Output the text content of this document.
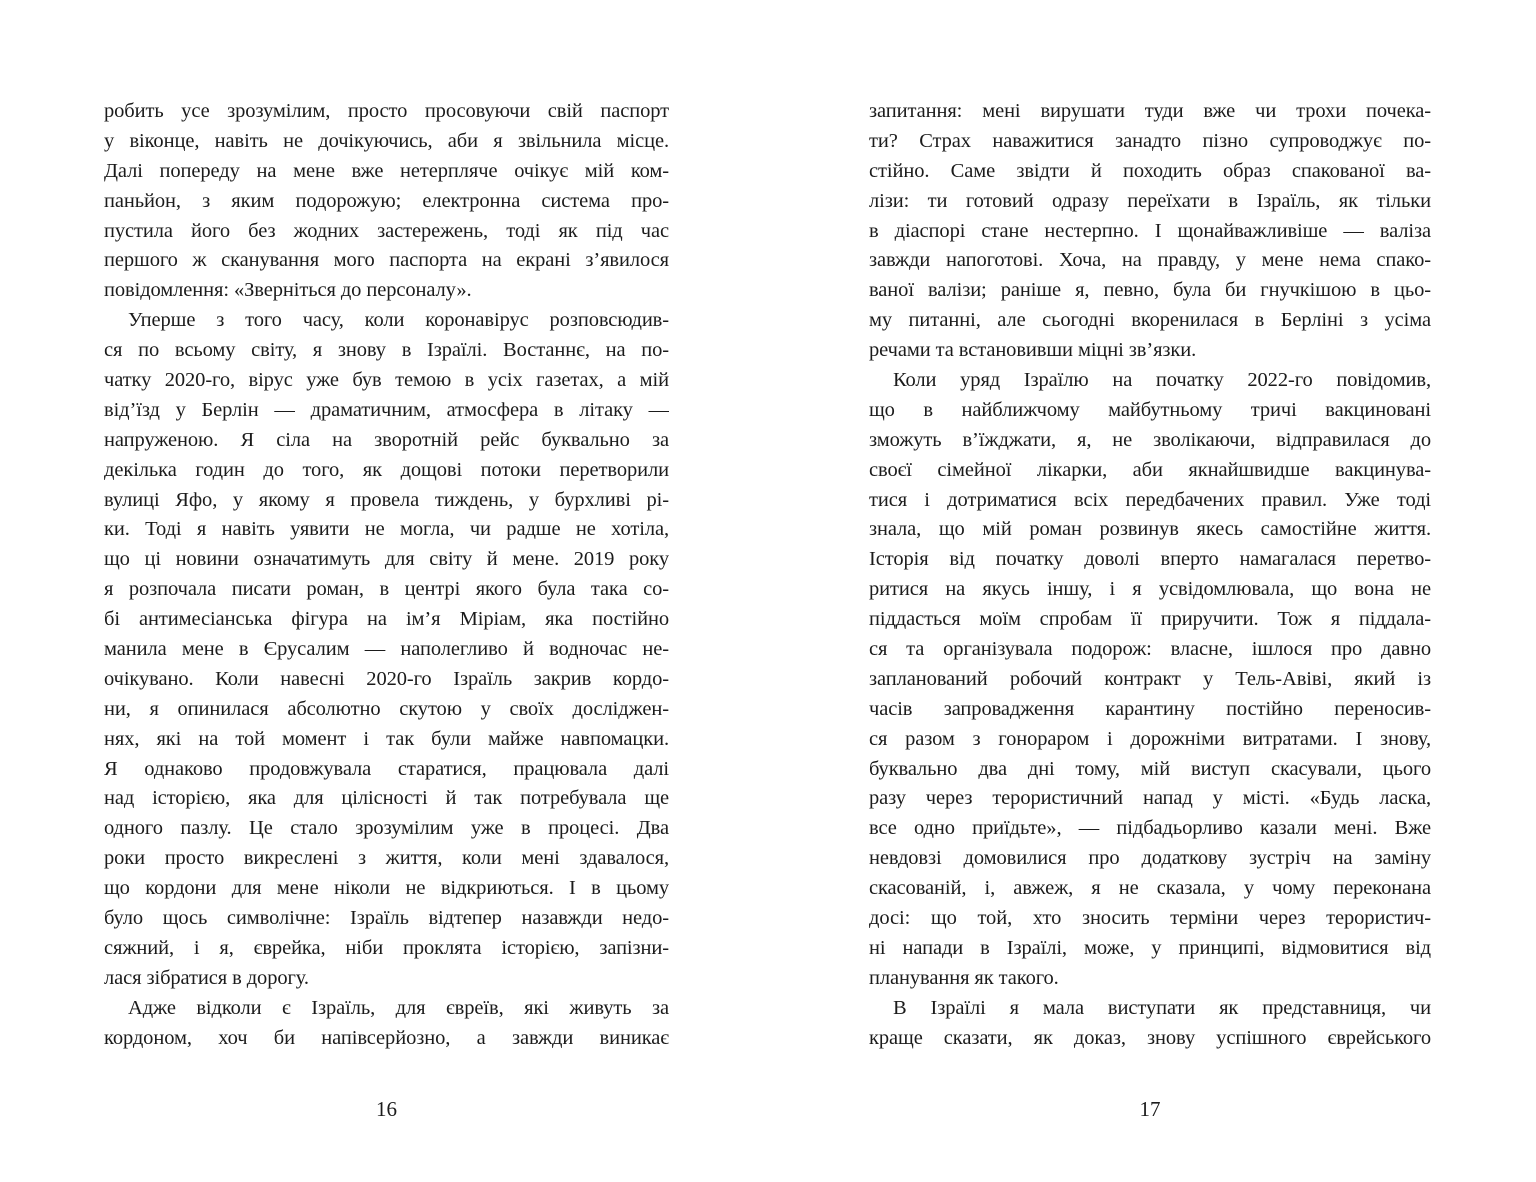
робить усе зрозумілим, просто просовуючи свій паспорт
у віконце, навіть не дочікуючись, аби я звільнила місце.
Далі попереду на мене вже нетерпляче очікує мій ком-
паньйон, з яким подорожую; електронна система про-
пустила його без жодних застережень, тоді як під час
першого ж сканування мого паспорта на екрані з’явилося
повідомлення: «Зверніться до персоналу».
Уперше з того часу, коли коронавірус розповсюдив-
ся по всьому світу, я знову в Ізраїлі. Востаннє, на по-
чатку 2020-го, вірус уже був темою в усіх газетах, а мій
від’їзд у Берлін — драматичним, атмосфера в літаку —
напруженою. Я сіла на зворотній рейс буквально за
декілька годин до того, як дощові потоки перетворили
вулиці Яфо, у якому я провела тиждень, у бурхливі рі-
ки. Тоді я навіть уявити не могла, чи радше не хотіла,
що ці новини означатимуть для світу й мене. 2019 року
я розпочала писати роман, в центрі якого була така со-
бі антимесіанська фігура на ім’я Міріам, яка постійно
манила мене в Єрусалим — наполегливо й водночас не-
очікувано. Коли навесні 2020-го Ізраїль закрив кордо-
ни, я опинилася абсолютно скутою у своїх досліджен-
нях, які на той момент і так були майже навпомацки.
Я однаково продовжувала старатися, працювала далі
над історією, яка для цілісності й так потребувала ще
одного пазлу. Це стало зрозумілим уже в процесі. Два
роки просто викреслені з життя, коли мені здавалося,
що кордони для мене ніколи не відкриються. І в цьому
було щось символічне: Ізраїль відтепер назавжди недо-
сяжний, і я, єврейка, ніби проклята історією, запізни-
лася зібратися в дорогу.
Адже відколи є Ізраїль, для євреїв, які живуть за
кордоном, хоч би напівсерйозно, а завжди виникає
запитання: мені вирушати туди вже чи трохи почека-
ти? Страх наважитися занадто пізно супроводжує по-
стійно. Саме звідти й походить образ спакованої ва-
лізи: ти готовий одразу переїхати в Ізраїль, як тільки
в діаспорі стане нестерпно. І щонайважливіше — валіза
завжди напоготові. Хоча, на правду, у мене нема спако-
ваної валізи; раніше я, певно, була би гнучкішою в цьо-
му питанні, але сьогодні вкоренилася в Берліні з усіма
речами та встановивши міцні зв’язки.
Коли уряд Ізраїлю на початку 2022-го повідомив,
що в найближчому майбутньому тричі вакциновані
зможуть в’їжджати, я, не зволікаючи, відправилася до
своєї сімейної лікарки, аби якнайшвидше вакцинува-
тися і дотриматися всіх передбачених правил. Уже тоді
знала, що мій роман розвинув якесь самостійне життя.
Історія від початку доволі вперто намагалася перетво-
ритися на якусь іншу, і я усвідомлювала, що вона не
піддасться моїм спробам її приручити. Тож я піддала-
ся та організувала подорож: власне, ішлося про давно
запланований робочий контракт у Тель-Авіві, який із
часів запровадження карантину постійно переносив-
ся разом з гонораром і дорожніми витратами. І знову,
буквально два дні тому, мій виступ скасували, цього
разу через терористичний напад у місті. «Будь ласка,
все одно приїдьте», — підбадьорливо казали мені. Вже
невдовзі домовилися про додаткову зустріч на заміну
скасованій, і, авжеж, я не сказала, у чому переконана
досі: що той, хто зносить терміни через терористич-
ні напади в Ізраїлі, може, у принципі, відмовитися від
планування як такого.
В Ізраїлі я мала виступати як представниця, чи
краще сказати, як доказ, знову успішного єврейського
16	17
